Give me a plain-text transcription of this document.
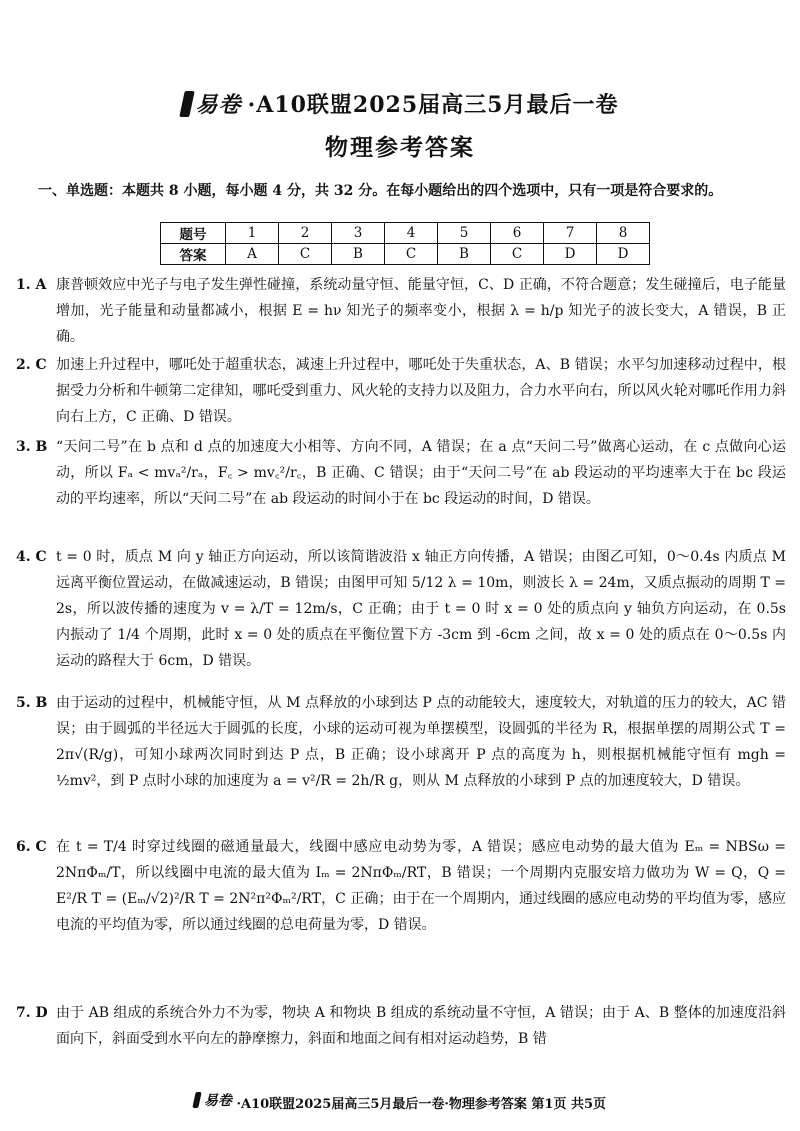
易卷 ·A10联盟2025届高三5月最后一卷
物理参考答案
一、单选题：本题共 8 小题，每小题 4 分，共 32 分。在每小题给出的四个选项中，只有一项是符合要求的。
题号	1	2	3	4	5	6	7	8
答案	A	C	B	C	B	C	D	D
1. A 康普顿效应中光子与电子发生弹性碰撞，系统动量守恒、能量守恒，C、D 正确，不符合题意；发生碰撞后，电子能量增加，光子能量和动量都减小，根据 E = hν 知光子的频率变小，根据 λ = h/p 知光子的波长变大，A 错误，B 正确。
2. C 加速上升过程中，哪吒处于超重状态，减速上升过程中，哪吒处于失重状态，A、B 错误；水平匀加速移动过程中，根据受力分析和牛顿第二定律知，哪吒受到重力、风火轮的支持力以及阻力，合力水平向右，所以风火轮对哪吒作用力斜向右上方，C 正确、D 错误。
3. B “天问二号”在 b 点和 d 点的加速度大小相等、方向不同，A 错误；在 a 点“天问二号”做离心运动，在 c 点做向心运动，所以 Fₐ < mvₐ²/rₐ，F꜀ > mv꜀²/r꜀，B 正确、C 错误；由于“天问二号”在 ab 段运动的平均速率大于在 bc 段运动的平均速率，所以“天问二号”在 ab 段运动的时间小于在 bc 段运动的时间，D 错误。
4. C t = 0 时，质点 M 向 y 轴正方向运动，所以该简谐波沿 x 轴正方向传播，A 错误；由图乙可知，0～0.4s 内质点 M 远离平衡位置运动，在做减速运动，B 错误；由图甲可知 5/12 λ = 10m，则波长 λ = 24m，又质点振动的周期 T = 2s，所以波传播的速度为 v = λ/T = 12m/s，C 正确；由于 t = 0 时 x = 0 处的质点向 y 轴负方向运动，在 0.5s 内振动了 1/4 个周期，此时 x = 0 处的质点在平衡位置下方 -3cm 到 -6cm 之间，故 x = 0 处的质点在 0～0.5s 内运动的路程大于 6cm，D 错误。
5. B 由于运动的过程中，机械能守恒，从 M 点释放的小球到达 P 点的动能较大，速度较大，对轨道的压力的较大，AC 错误；由于圆弧的半径远大于圆弧的长度，小球的运动可视为单摆模型，设圆弧的半径为 R，根据单摆的周期公式 T = 2π√(R/g)，可知小球两次同时到达 P 点，B 正确；设小球离开 P 点的高度为 h，则根据机械能守恒有 mgh = ½mv²，到 P 点时小球的加速度为 a = v²/R = 2h/R g，则从 M 点释放的小球到 P 点的加速度较大，D 错误。
6. C 在 t = T/4 时穿过线圈的磁通量最大，线圈中感应电动势为零，A 错误；感应电动势的最大值为 Eₘ = NBSω = 2NπΦₘ/T，所以线圈中电流的最大值为 Iₘ = 2NπΦₘ/RT，B 错误；一个周期内克服安培力做功为 W = Q，Q = E²/R T = (Eₘ/√2)²/R T = 2N²π²Φₘ²/RT，C 正确；由于在一个周期内，通过线圈的感应电动势的平均值为零，感应电流的平均值为零，所以通过线圈的总电荷量为零，D 错误。
7. D 由于 AB 组成的系统合外力不为零，物块 A 和物块 B 组成的系统动量不守恒，A 错误；由于 A、B 整体的加速度沿斜面向下，斜面受到水平向左的静摩擦力，斜面和地面之间有相对运动趋势，B 错
易卷 ·A10联盟2025届高三5月最后一卷·物理参考答案 第1页 共5页
